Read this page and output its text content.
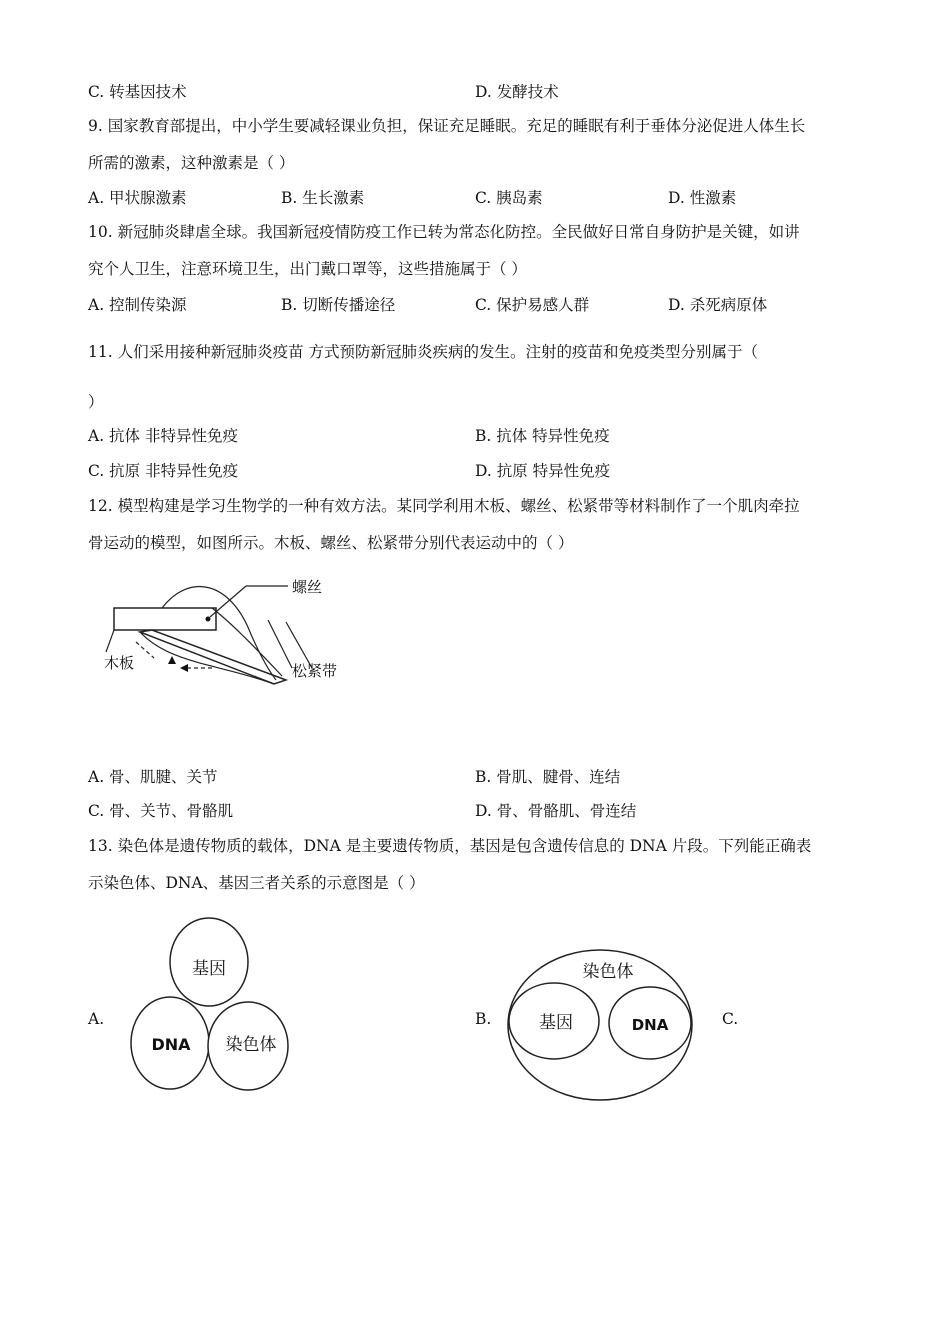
C. 转基因技术	D. 发酵技术
9. 国家教育部提出，中小学生要减轻课业负担，保证充足睡眠。充足的睡眠有利于垂体分泌促进人体生长
所需的激素，这种激素是（ ）
A. 甲状腺激素	B. 生长激素	C. 胰岛素	D. 性激素
10. 新冠肺炎肆虐全球。我国新冠疫情防疫工作已转为常态化防控。全民做好日常自身防护是关键，如讲
究个人卫生，注意环境卫生，出门戴口罩等，这些措施属于（ ）
A. 控制传染源	B. 切断传播途径	C. 保护易感人群	D. 杀死病原体
11. 人们采用接种新冠肺炎疫苗 方式预防新冠肺炎疾病的发生。注射的疫苗和免疫类型分别属于（
）
A. 抗体 非特异性免疫	B. 抗体 特异性免疫
C. 抗原 非特异性免疫	D. 抗原 特异性免疫
12. 模型构建是学习生物学的一种有效方法。某同学利用木板、螺丝、松紧带等材料制作了一个肌肉牵拉
骨运动的模型，如图所示。木板、螺丝、松紧带分别代表运动中的（ ）
螺丝
木板	松紧带
A. 骨、肌腱、关节	B. 骨肌、腱骨、连结
C. 骨、关节、骨骼肌	D. 骨、骨骼肌、骨连结
13. 染色体是遗传物质的载体，DNA 是主要遗传物质，基因是包含遗传信息的 DNA 片段。下列能正确表
示染色体、DNA、基因三者关系的示意图是（ ）
A.
基因
DNA 染色体
B.
染色体
基因	DNA	C.
